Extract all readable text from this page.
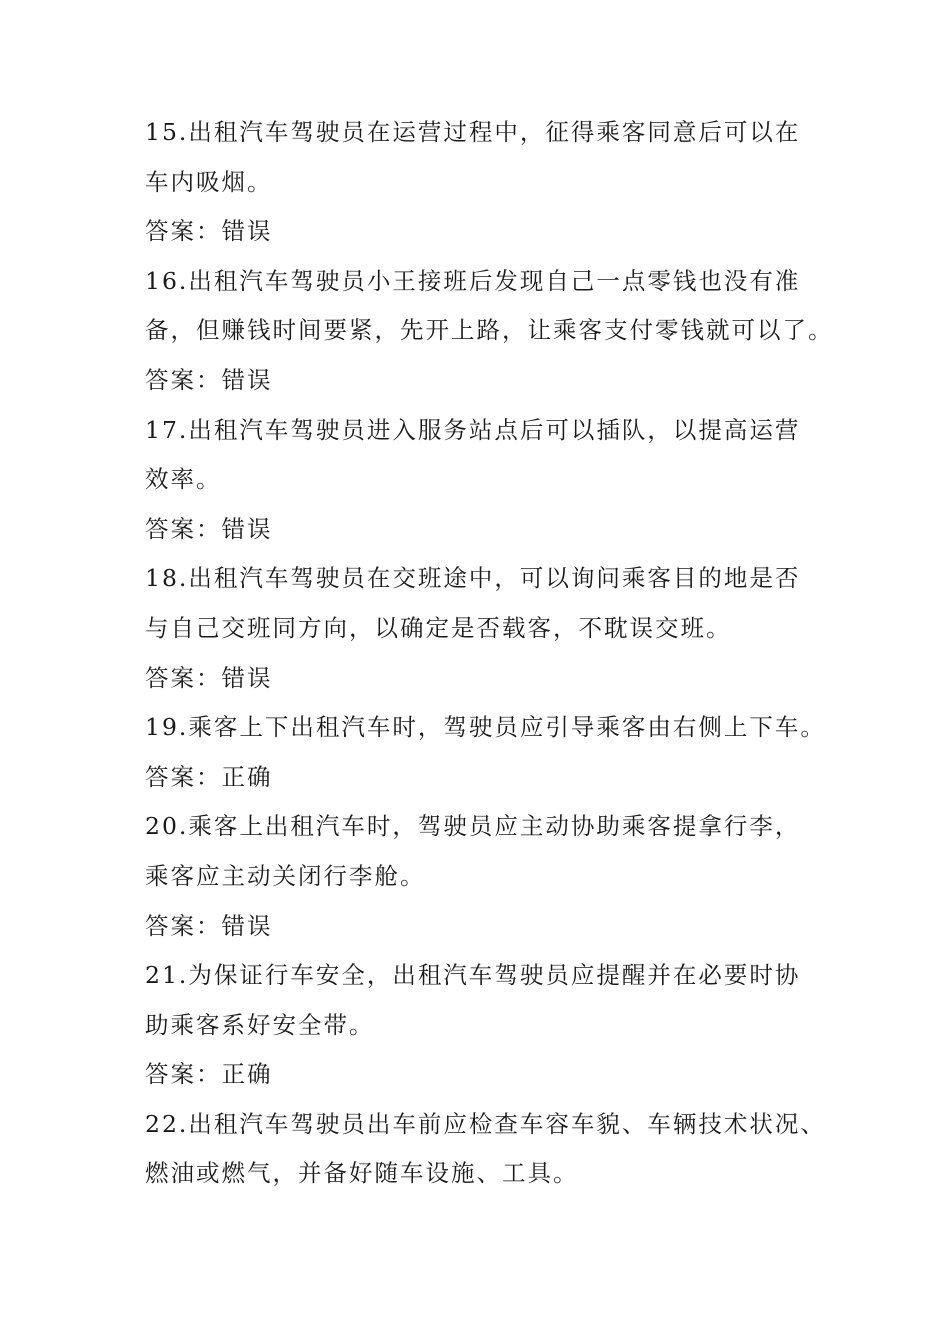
15.出租汽车驾驶员在运营过程中，征得乘客同意后可以在
车内吸烟。
答案：错误
16.出租汽车驾驶员小王接班后发现自己一点零钱也没有准
备，但赚钱时间要紧，先开上路，让乘客支付零钱就可以了。
答案：错误
17.出租汽车驾驶员进入服务站点后可以插队，以提高运营
效率。
答案：错误
18.出租汽车驾驶员在交班途中，可以询问乘客目的地是否
与自己交班同方向，以确定是否载客，不耽误交班。
答案：错误
19.乘客上下出租汽车时，驾驶员应引导乘客由右侧上下车。
答案：正确
20.乘客上出租汽车时，驾驶员应主动协助乘客提拿行李，
乘客应主动关闭行李舱。
答案：错误
21.为保证行车安全，出租汽车驾驶员应提醒并在必要时协
助乘客系好安全带。
答案：正确
22.出租汽车驾驶员出车前应检查车容车貌、车辆技术状况、
燃油或燃气，并备好随车设施、工具。
